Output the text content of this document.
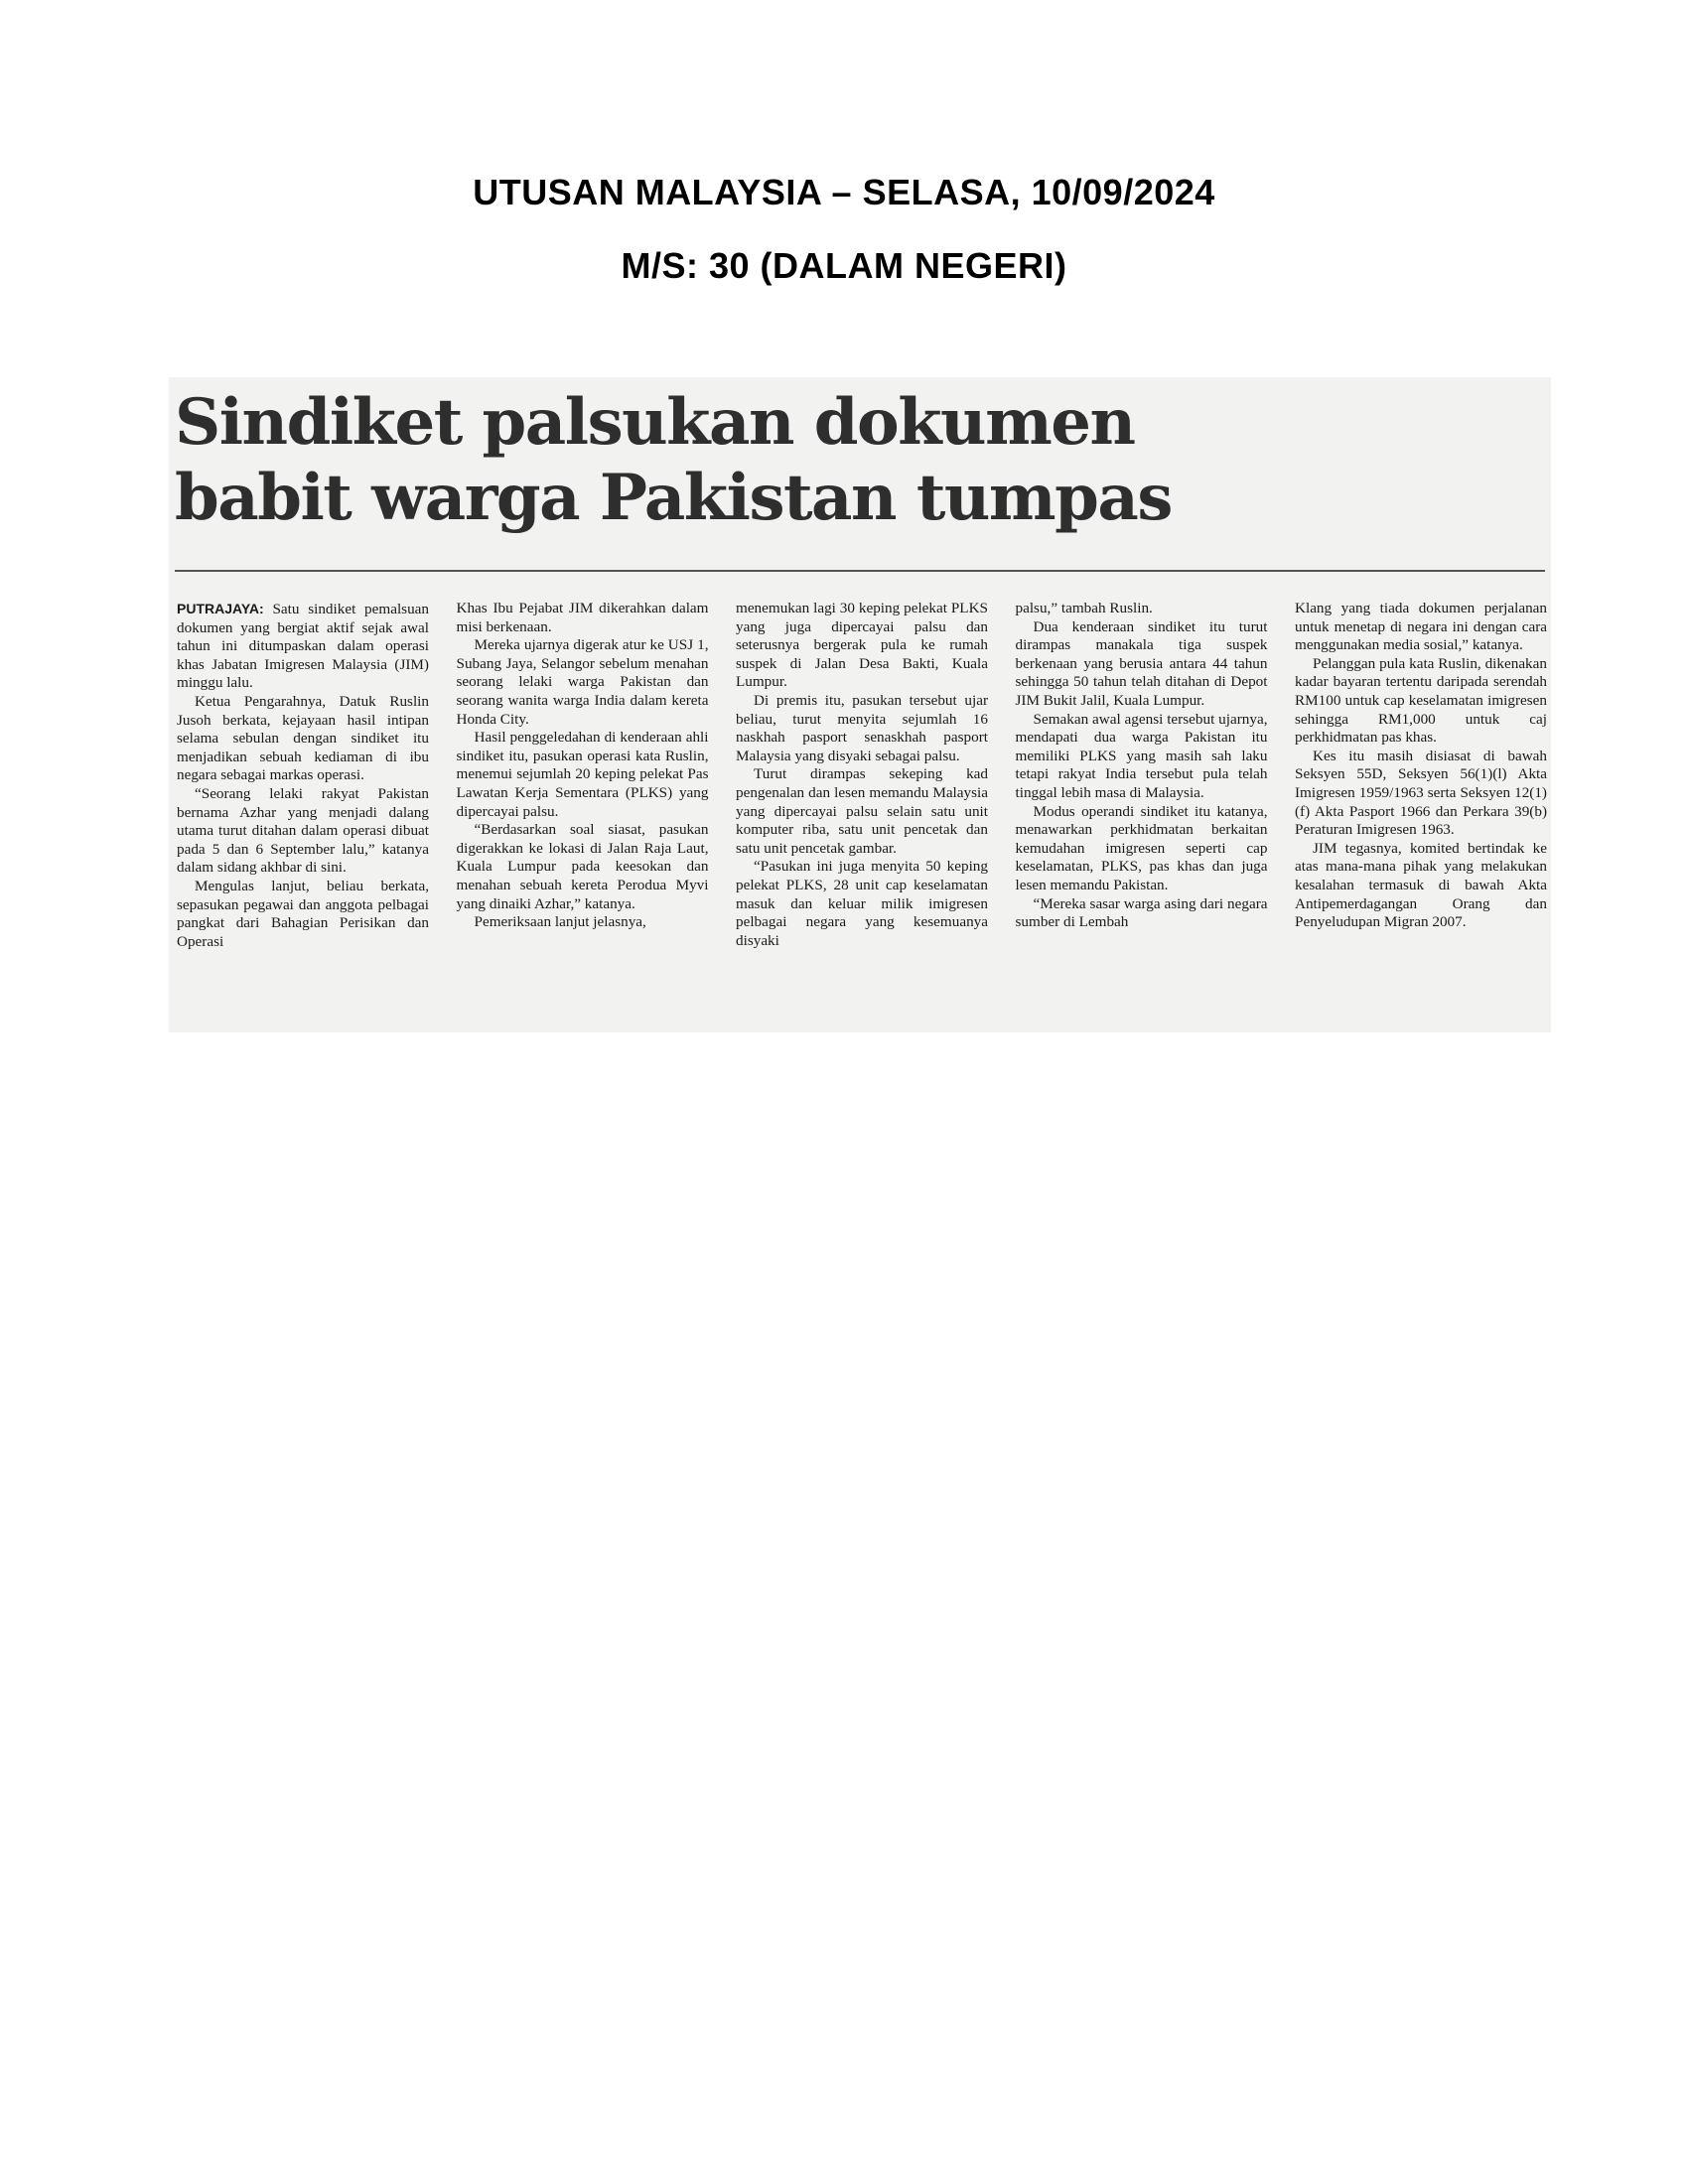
UTUSAN MALAYSIA – SELASA, 10/09/2024
M/S: 30 (DALAM NEGERI)
Sindiket palsukan dokumen
babit warga Pakistan tumpas

PUTRAJAYA: Satu sindiket pemalsuan dokumen yang bergiat aktif sejak awal tahun ini ditumpaskan dalam operasi khas Jabatan Imigresen Malaysia (JIM) minggu lalu.

Ketua Pengarahnya, Datuk Ruslin Jusoh berkata, kejayaan hasil intipan selama sebulan dengan sindiket itu menjadikan sebuah kediaman di ibu negara sebagai markas operasi.

“Seorang lelaki rakyat Pakistan bernama Azhar yang menjadi dalang utama turut ditahan dalam operasi dibuat pada 5 dan 6 September lalu,” katanya dalam sidang akhbar di sini.

Mengulas lanjut, beliau berkata, sepasukan pegawai dan anggota pelbagai pangkat dari Bahagian Perisikan dan Operasi

Khas Ibu Pejabat JIM dikerahkan dalam misi berkenaan.

Mereka ujarnya digerak atur ke USJ 1, Subang Jaya, Selangor sebelum menahan seorang lelaki warga Pakistan dan seorang wanita warga India dalam kereta Honda City.

Hasil penggeledahan di kenderaan ahli sindiket itu, pasukan operasi kata Ruslin, menemui sejumlah 20 keping pelekat Pas Lawatan Kerja Sementara (PLKS) yang dipercayai palsu.

“Berdasarkan soal siasat, pasukan digerakkan ke lokasi di Jalan Raja Laut, Kuala Lumpur pada keesokan dan menahan sebuah kereta Perodua Myvi yang dinaiki Azhar,” katanya.

Pemeriksaan lanjut jelasnya,

menemukan lagi 30 keping pelekat PLKS yang juga dipercayai palsu dan seterusnya bergerak pula ke rumah suspek di Jalan Desa Bakti, Kuala Lumpur.

Di premis itu, pasukan tersebut ujar beliau, turut menyita sejumlah 16 naskhah pasport senaskhah pasport Malaysia yang disyaki sebagai palsu.

Turut dirampas sekeping kad pengenalan dan lesen memandu Malaysia yang dipercayai palsu selain satu unit komputer riba, satu unit pencetak dan satu unit pencetak gambar.

“Pasukan ini juga menyita 50 keping pelekat PLKS, 28 unit cap keselamatan masuk dan keluar milik imigresen pelbagai negara yang kesemuanya disyaki

palsu,” tambah Ruslin.

Dua kenderaan sindiket itu turut dirampas manakala tiga suspek berkenaan yang berusia antara 44 tahun sehingga 50 tahun telah ditahan di Depot JIM Bukit Jalil, Kuala Lumpur.

Semakan awal agensi tersebut ujarnya, mendapati dua warga Pakistan itu memiliki PLKS yang masih sah laku tetapi rakyat India tersebut pula telah tinggal lebih masa di Malaysia.

Modus operandi sindiket itu katanya, menawarkan perkhidmatan berkaitan kemudahan imigresen seperti cap keselamatan, PLKS, pas khas dan juga lesen memandu Pakistan.

“Mereka sasar warga asing dari negara sumber di Lembah

Klang yang tiada dokumen perjalanan untuk menetap di negara ini dengan cara menggunakan media sosial,” katanya.

Pelanggan pula kata Ruslin, dikenakan kadar bayaran tertentu daripada serendah RM100 untuk cap keselamatan imigresen sehingga RM1,000 untuk caj perkhidmatan pas khas.

Kes itu masih disiasat di bawah Seksyen 55D, Seksyen 56(1)(l) Akta Imigresen 1959/1963 serta Seksyen 12(1)(f) Akta Pasport 1966 dan Perkara 39(b) Peraturan Imigresen 1963.

JIM tegasnya, komited bertindak ke atas mana-mana pihak yang melakukan kesalahan termasuk di bawah Akta Antipemerdagangan Orang dan Penyeludupan Migran 2007.
